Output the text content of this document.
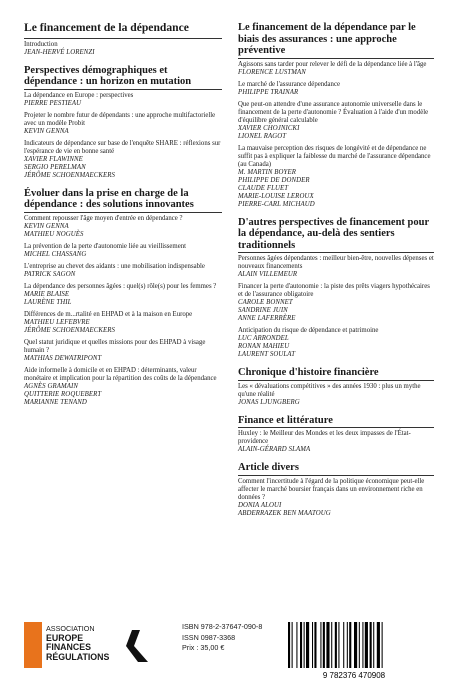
Le financement de la dépendance
Introduction
JEAN-HERVÉ LORENZI
Perspectives démographiques et dépendance : un horizon en mutation
La dépendance en Europe : perspectives
PIERRE PESTIEAU
Projeter le nombre futur de dépendants : une approche multifactorielle avec un modèle Probit
KEVIN GENNA
Indicateurs de dépendance sur base de l'enquête SHARE : réflexions sur l'espérance de vie en bonne santé
XAVIER FLAWINNE
SERGIO PERELMAN
JÉRÔME SCHOENMAECKERS
Évoluer dans la prise en charge de la dépendance : des solutions innovantes
Comment repousser l'âge moyen d'entrée en dépendance ?
KEVIN GENNA
MATHIEU NOGUÈS
La prévention de la perte d'autonomie liée au vieillissement
MICHEL CHASSANG
L'entreprise au chevet des aidants : une mobilisation indispensable
PATRICK SAGON
La dépendance des personnes âgées : quel(s) rôle(s) pour les femmes ?
MARIE BLAISE
LAURÈNE THIL
Différences de m...rtalité en EHPAD et à la maison en Europe
MATHIEU LEFEBVRE
JÉRÔME SCHOENMAECKERS
Quel statut juridique et quelles missions pour des EHPAD à visage humain ?
MATHIAS DEWATRIPONT
Aide informelle à domicile et en EHPAD : déterminants, valeur monétaire et implication pour la répartition des coûts de la dépendance
AGNÈS GRAMAIN
QUITTERIE ROQUEBERT
MARIANNE TENAND
Le financement de la dépendance par le biais des assurances : une approche préventive
Agissons sans tarder pour relever le défi de la dépendance liée à l'âge
FLORENCE LUSTMAN
Le marché de l'assurance dépendance
PHILIPPE TRAINAR
Que peut-on attendre d'une assurance autonomie universelle dans le financement de la perte d'autonomie ? Évaluation à l'aide d'un modèle d'équilibre général calculable
XAVIER CHOJNICKI
LIONEL RAGOT
La mauvaise perception des risques de longévité et de dépendance ne suffit pas à expliquer la faiblesse du marché de l'assurance dépendance (au Canada)
M. MARTIN BOYER
PHILIPPE DE DONDER
CLAUDE FLUET
MARIE-LOUISE LEROUX
PIERRE-CARL MICHAUD
D'autres perspectives de financement pour la dépendance, au-delà des sentiers traditionnels
Personnes âgées dépendantes : meilleur bien-être, nouvelles dépenses et nouveaux financements
ALAIN VILLEMEUR
Financer la perte d'autonomie : la piste des prêts viagers hypothécaires et de l'assurance obligatoire
CAROLE BONNET
SANDRINE JUIN
ANNE LAFERRÈRE
Anticipation du risque de dépendance et patrimoine
LUC ARRONDEL
RONAN MAHIEU
LAURENT SOULAT
Chronique d'histoire financière
Les « dévaluations compétitives » des années 1930 : plus un mythe qu'une réalité
JONAS LJUNGBERG
Finance et littérature
Huxley : le Meilleur des Mondes et les deux impasses de l'État-providence
ALAIN-GÉRARD SLAMA
Article divers
Comment l'incertitude à l'égard de la politique économique peut-elle affecter le marché boursier français dans un environnement riche en données ?
DONIA ALOUI
ABDERRAZEK BEN MAATOUG
ASSOCIATION
EUROPE
FINANCES
RÉGULATIONS
ISBN 978-2-37647-090-8
ISSN 0987-3368
Prix : 35,00 €
9 782376 470908
